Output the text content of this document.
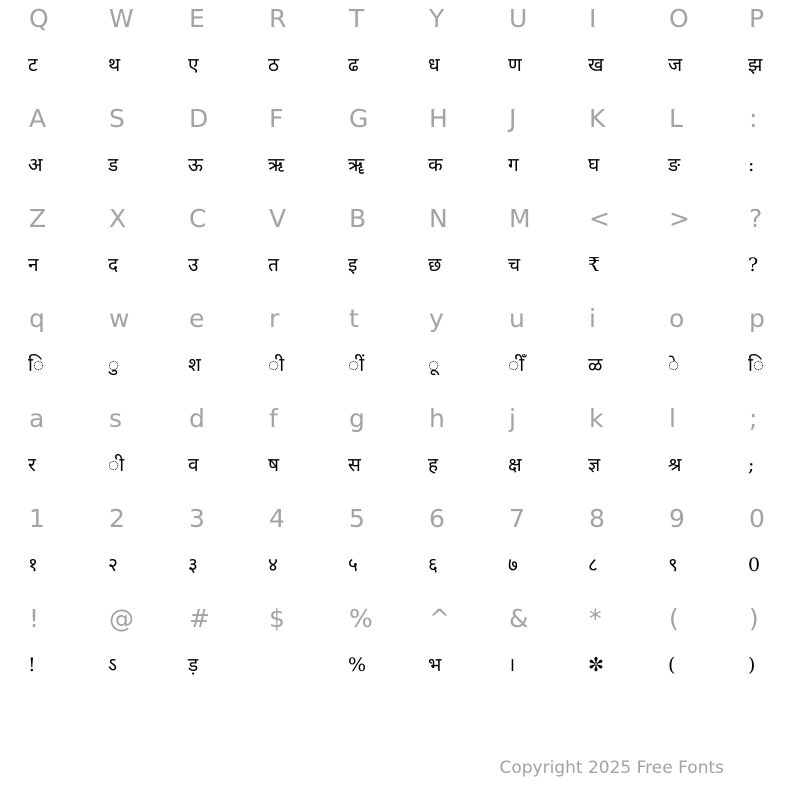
Q
ट
W
थ
E
ए
R
ठ
T
ढ
Y
ध
U
ण
I
ख
O
ज
P
झ
A
अ
S
ड
D
ऊ
F
ऋ
G
ॠ
H
क
J
ग
K
घ
L
ङ
:
:
Z
न
X
द
C
उ
V
त
B
इ
N
छ
M
च
<
₹
>	?
?
q
ि
w
ु
e
श
r
ी
t
ीं
y
ू
u
ीँ
i
ळ
o
े
p
ि
a
र
s
ी
d
व
f
ष
g
स
h
ह
j
क्ष
k
ज्ञ
l
श्र
;
;
1
१
2
२
3
३
4
४
5
५
6
६
7
७
8
८
9
९
0
0
!
!
@
ऽ
#
ड़
$	%
%
^
भ
&
।
*
✼
(
(
)
)
Copyright 2025 Free Fonts
